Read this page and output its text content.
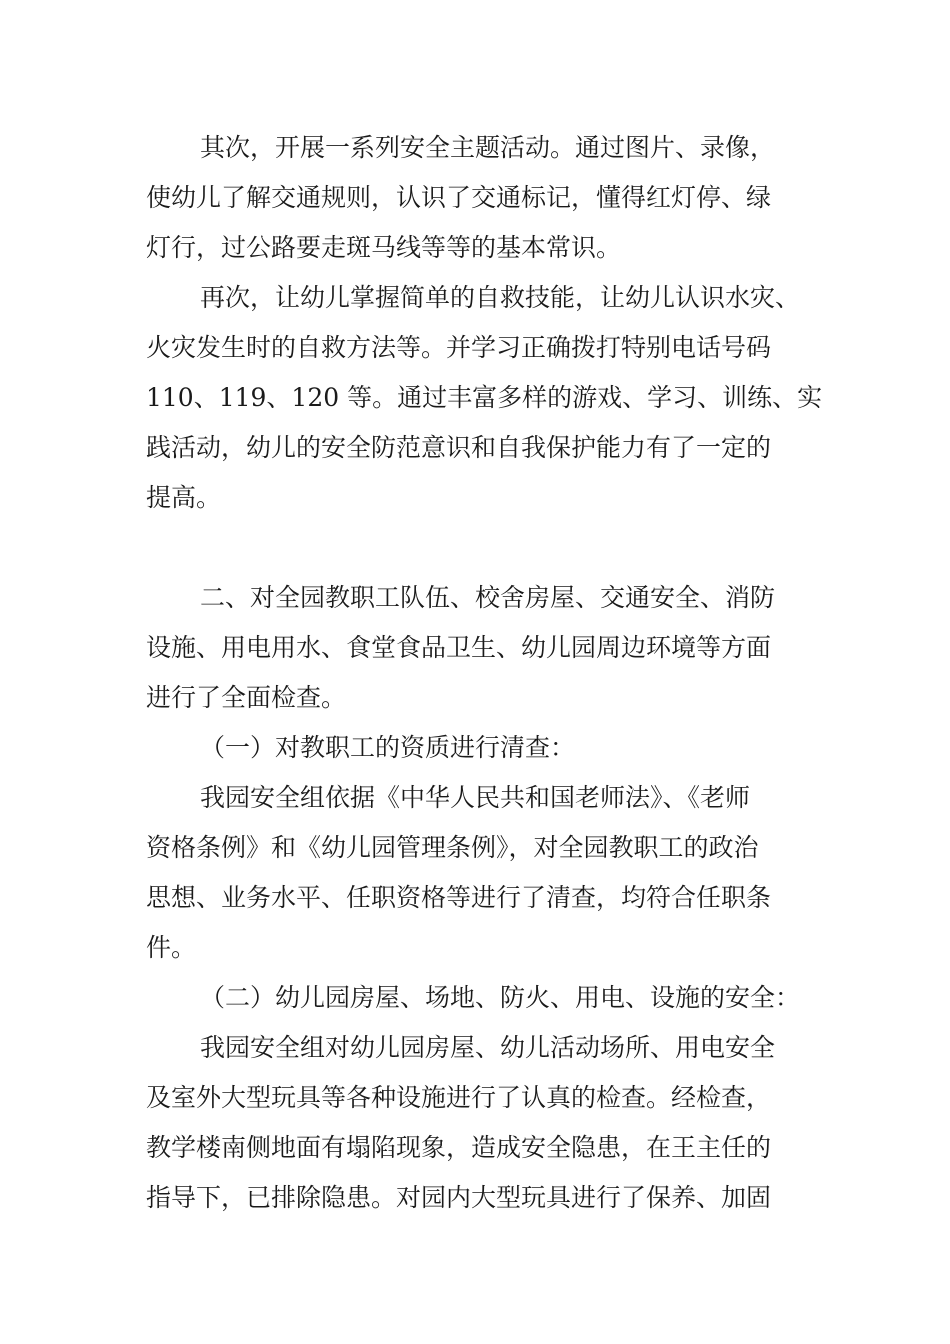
其次，开展一系列安全主题活动。通过图片、录像，

使幼儿了解交通规则，认识了交通标记，懂得红灯停、绿

灯行，过公路要走斑马线等等的基本常识。

再次，让幼儿掌握简单的自救技能，让幼儿认识水灾、

火灾发生时的自救方法等。并学习正确拨打特别电话号码

110、119、120 等。通过丰富多样的游戏、学习、训练、实

践活动，幼儿的安全防范意识和自我保护能力有了一定的

提高。

二、对全园教职工队伍、校舍房屋、交通安全、消防

设施、用电用水、食堂食品卫生、幼儿园周边环境等方面

进行了全面检查。

（一）对教职工的资质进行清查：

我园安全组依据《中华人民共和国老师法》、《老师

资格条例》和《幼儿园管理条例》，对全园教职工的政治

思想、业务水平、任职资格等进行了清查，均符合任职条

件。

（二）幼儿园房屋、场地、防火、用电、设施的安全：

我园安全组对幼儿园房屋、幼儿活动场所、用电安全

及室外大型玩具等各种设施进行了认真的检查。经检查，

教学楼南侧地面有塌陷现象，造成安全隐患，在王主任的

指导下，已排除隐患。对园内大型玩具进行了保养、加固
